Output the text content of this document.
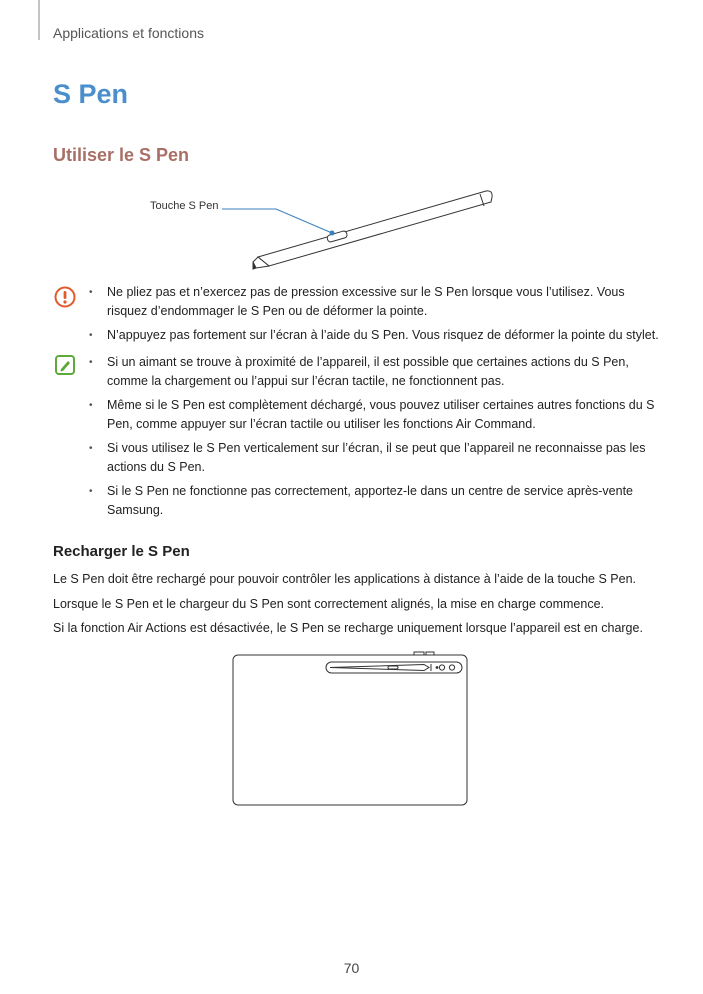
Applications et fonctions
S Pen
Utiliser le S Pen
Touche S Pen
• Ne pliez pas et n’exercez pas de pression excessive sur le S Pen lorsque vous l’utilisez. Vous risquez d’endommager le S Pen ou de déformer la pointe.
• N’appuyez pas fortement sur l’écran à l’aide du S Pen. Vous risquez de déformer la pointe du stylet.
• Si un aimant se trouve à proximité de l’appareil, il est possible que certaines actions du S Pen, comme la chargement ou l’appui sur l’écran tactile, ne fonctionnent pas.
• Même si le S Pen est complètement déchargé, vous pouvez utiliser certaines autres fonctions du S Pen, comme appuyer sur l’écran tactile ou utiliser les fonctions Air Command.
• Si vous utilisez le S Pen verticalement sur l’écran, il se peut que l’appareil ne reconnaisse pas les actions du S Pen.
• Si le S Pen ne fonctionne pas correctement, apportez-le dans un centre de service après-vente Samsung.
Recharger le S Pen

Le S Pen doit être rechargé pour pouvoir contrôler les applications à distance à l’aide de la touche S Pen.

Lorsque le S Pen et le chargeur du S Pen sont correctement alignés, la mise en charge commence.

Si la fonction Air Actions est désactivée, le S Pen se recharge uniquement lorsque l’appareil est en charge.

70
